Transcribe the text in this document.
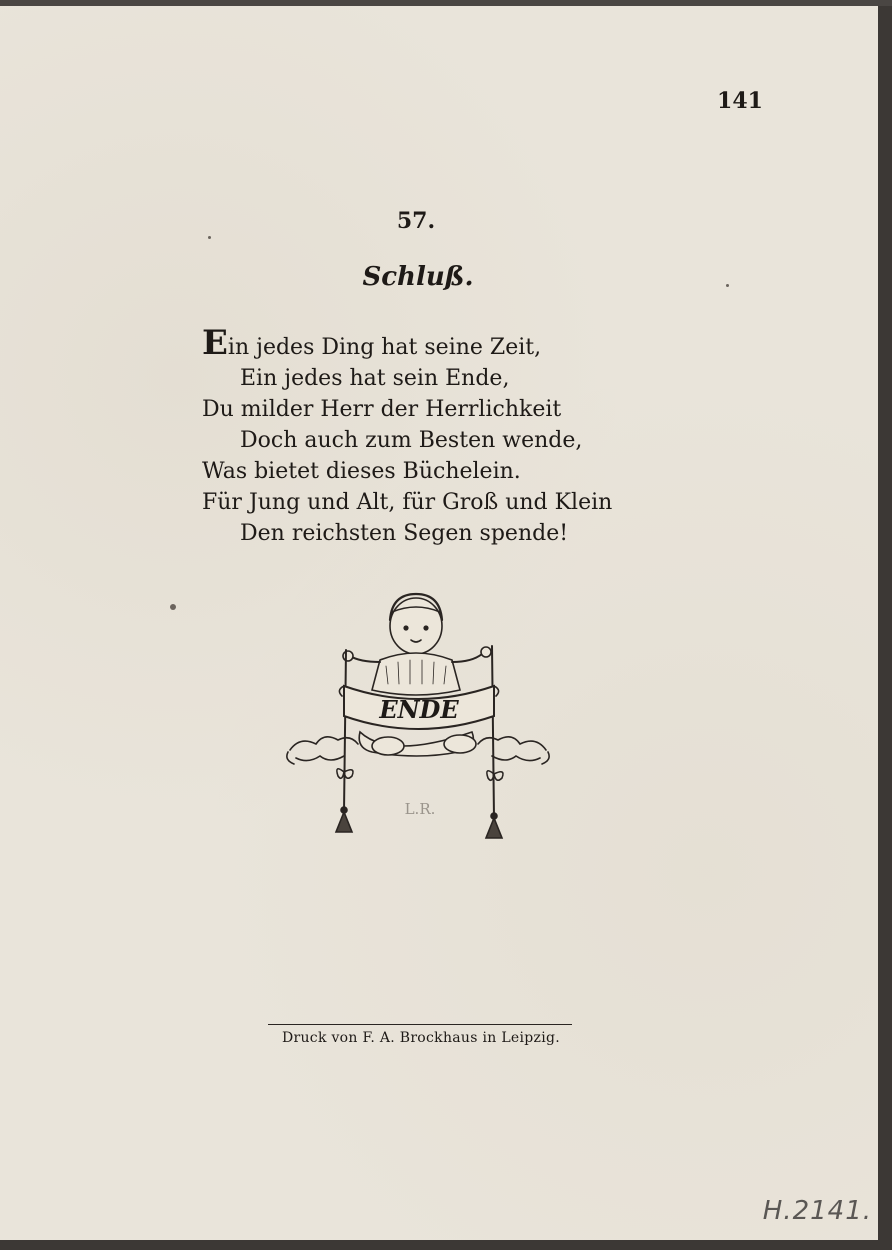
141
57.
Schluß.
Ein jedes Ding hat seine Zeit,
Ein jedes hat sein Ende,
Du milder Herr der Herrlichkeit
Doch auch zum Besten wende,
Was bietet dieses Büchelein.
Für Jung und Alt, für Groß und Klein
Den reichsten Segen spende!
ENDE
L.R.
Druck von F. A. Brockhaus in Leipzig.
H.2141.
